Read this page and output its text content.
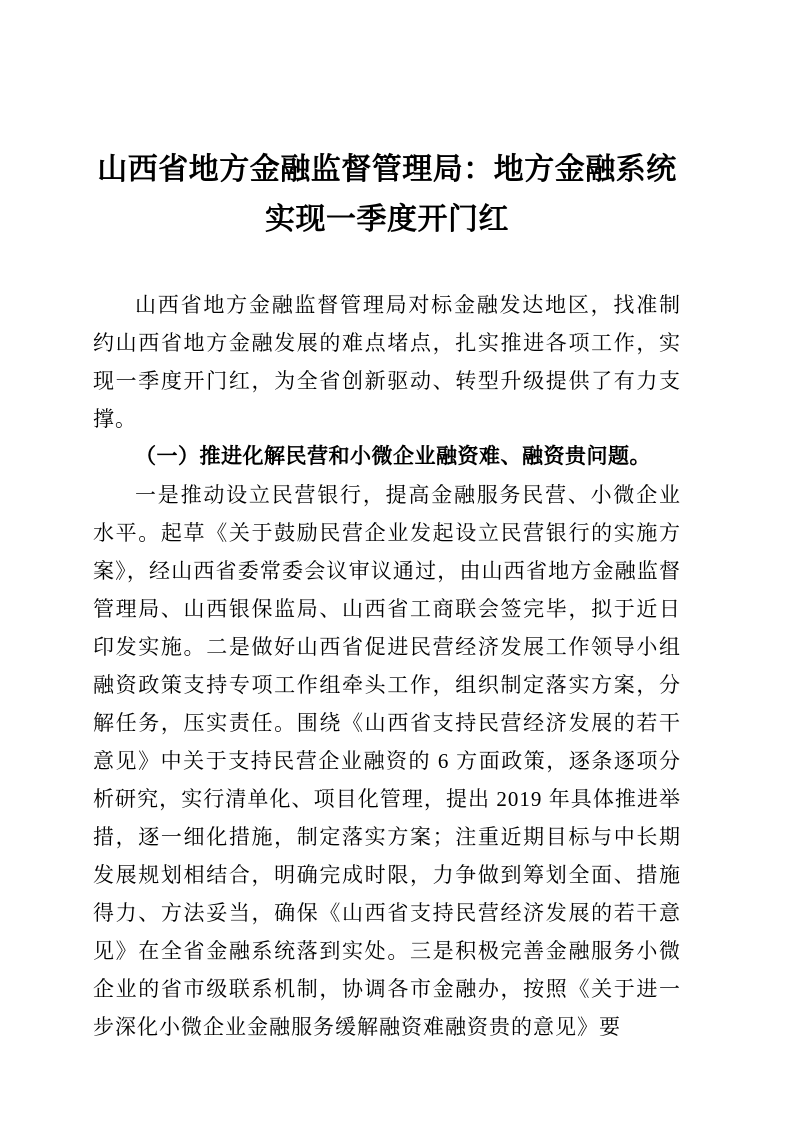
山西省地方金融监督管理局：地方金融系统
实现一季度开门红

山西省地方金融监督管理局对标金融发达地区，找准制约山西省地方金融发展的难点堵点，扎实推进各项工作，实现一季度开门红，为全省创新驱动、转型升级提供了有力支撑。

（一）推进化解民营和小微企业融资难、融资贵问题。

一是推动设立民营银行，提高金融服务民营、小微企业水平。起草《关于鼓励民营企业发起设立民营银行的实施方案》，经山西省委常委会议审议通过，由山西省地方金融监督管理局、山西银保监局、山西省工商联会签完毕，拟于近日印发实施。二是做好山西省促进民营经济发展工作领导小组融资政策支持专项工作组牵头工作，组织制定落实方案，分解任务，压实责任。围绕《山西省支持民营经济发展的若干意见》中关于支持民营企业融资的 6 方面政策，逐条逐项分析研究，实行清单化、项目化管理，提出 2019 年具体推进举措，逐一细化措施，制定落实方案；注重近期目标与中长期发展规划相结合，明确完成时限，力争做到筹划全面、措施得力、方法妥当，确保《山西省支持民营经济发展的若干意见》在全省金融系统落到实处。三是积极完善金融服务小微企业的省市级联系机制，协调各市金融办，按照《关于进一步深化小微企业金融服务缓解融资难融资贵的意见》要
